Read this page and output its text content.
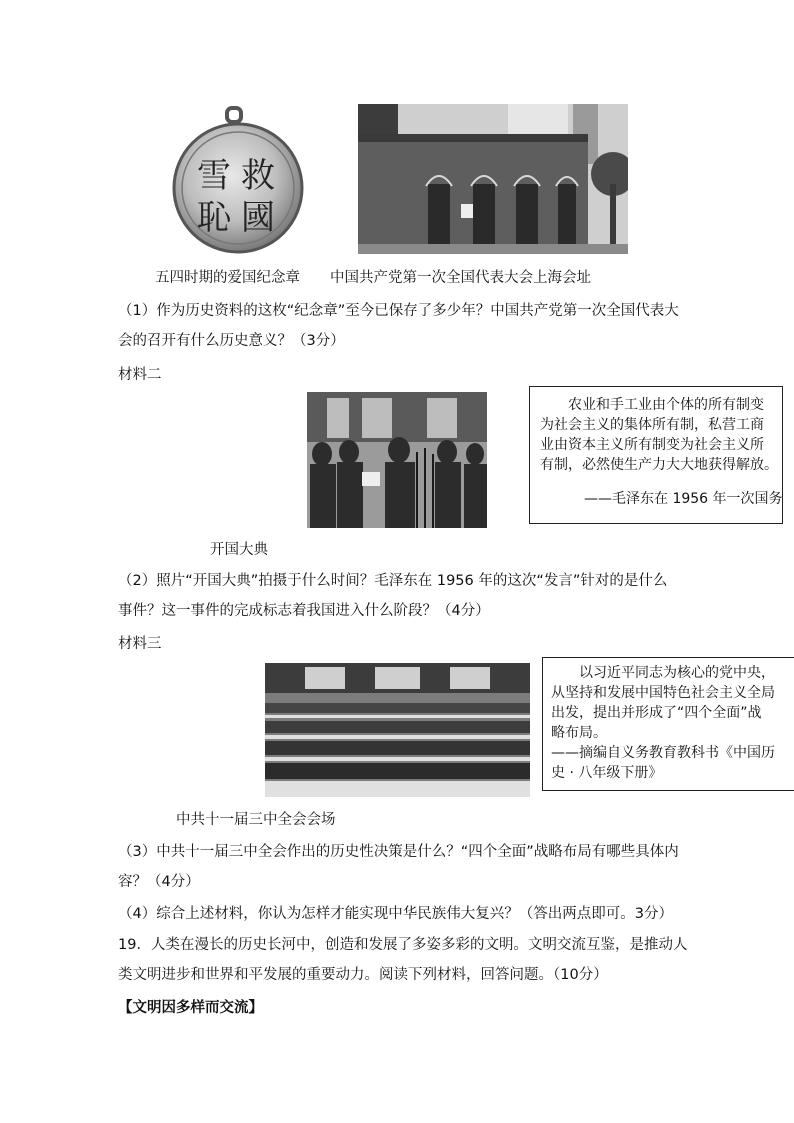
救
國
雪
恥
五四时期的爱国纪念章 中国共产党第一次全国代表大会上海会址
（1）作为历史资料的这枚“纪念章”至今已保存了多少年？中国共产党第一次全国代表大
会的召开有什么历史意义？（3分）
材料二
农业和手工业由个体的所有制变
为社会主义的集体所有制，私营工商
业由资本主义所有制变为社会主义所
有制，必然使生产力大大地获得解放。
——毛泽东在 1956 年一次国务
开国大典
（2）照片“开国大典”拍摄于什么时间？毛泽东在 1956 年的这次“发言”针对的是什么
事件？这一事件的完成标志着我国进入什么阶段？（4分）
材料三
以习近平同志为核心的党中央，
从坚持和发展中国特色社会主义全局
出发，提出并形成了“四个全面”战
略布局。
——摘编自义务教育教科书《中国历
史 · 八年级下册》
中共十一届三中全会会场
（3）中共十一届三中全会作出的历史性决策是什么？“四个全面”战略布局有哪些具体内
容？（4分）
（4）综合上述材料，你认为怎样才能实现中华民族伟大复兴？（答出两点即可。3分）
19．人类在漫长的历史长河中，创造和发展了多姿多彩的文明。文明交流互鉴，是推动人
类文明进步和世界和平发展的重要动力。阅读下列材料，回答问题。（10分）
【文明因多样而交流】
